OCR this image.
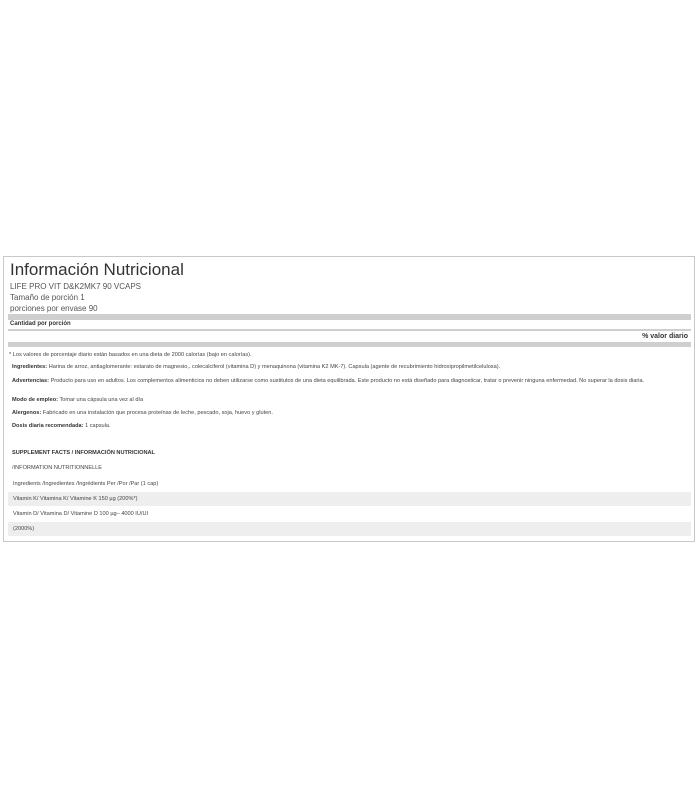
Información Nutricional
LIFE PRO VIT D&K2MK7 90 VCAPS
Tamaño de porción 1
porciones por envase 90
Cantidad por porción
% valor diario
* Los valores de porcentaje diario están basados en una dieta de 2000 calorías (bajo en calorías).
Ingredientes: Harina de arroz, antiaglomerante: estarato de magnesio,. colecalciferol (vitamina D) y menaquinona (vitamina K2 MK-7). Capsula (agente de recubrimiento hidroxipropilmetilcelulosa).
Advertencias: Producto para uso en adultos. Los complementos alimenticios no deben utilizarse como sustitutos de una dieta equilibrada. Este producto no está diseñado para diagnosticar, tratar o prevenir ninguna enfermedad. No superar la dosis diaria.
Modo de empleo: Tomar una cápsula una vez al día
Alergenos: Fabricado en una instalación que procesa proteínas de leche, pescado, soja, huevo y gluten.
Dosis diaria recomendada: 1 capsula.
SUPPLEMENT FACTS / INFORMACIÓN NUTRICIONAL
/INFORMATION NUTRITIONNELLE
Ingredients /Ingredientes /Ingrédients Per /Por /Par (1 cap)
Vitamin K/ Vitamina K/ Vitamine K 150 µg (200%*)
Vitamin D/ Vitamina D/ Vitamine D 100 µg– 4000 IU/UI
(2000%)
